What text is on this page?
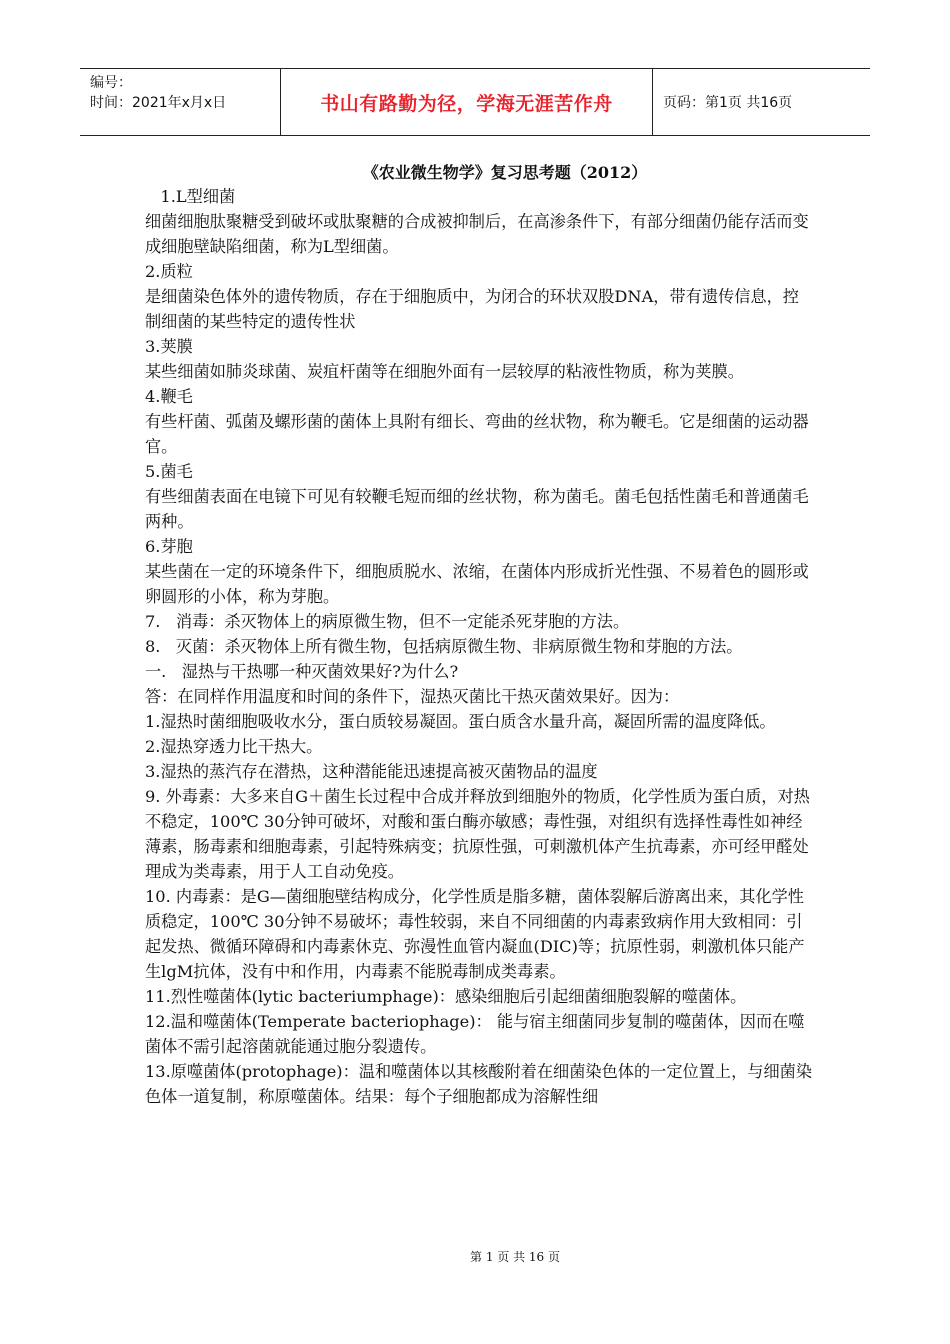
编号：
时间：2021年x月x日	书山有路勤为径，学海无涯苦作舟	页码：第1页 共16页
《农业微生物学》复习思考题（2012）

1.L型细菌

细菌细胞肽聚糖受到破坏或肽聚糖的合成被抑制后，在高渗条件下，有部分细菌仍能存活而变成细胞壁缺陷细菌，称为L型细菌。

2.质粒

是细菌染色体外的遗传物质，存在于细胞质中，为闭合的环状双股DNA，带有遗传信息，控制细菌的某些特定的遗传性状

3.荚膜

某些细菌如肺炎球菌、炭疽杆菌等在细胞外面有一层较厚的粘液性物质，称为荚膜。

4.鞭毛

有些杆菌、弧菌及螺形菌的菌体上具附有细长、弯曲的丝状物，称为鞭毛。它是细菌的运动器官。

5.菌毛

有些细菌表面在电镜下可见有较鞭毛短而细的丝状物，称为菌毛。菌毛包括性菌毛和普通菌毛两种。

6.芽胞

某些菌在一定的环境条件下，细胞质脱水、浓缩，在菌体内形成折光性强、不易着色的圆形或卵圆形的小体，称为芽胞。

7.   消毒：杀灭物体上的病原微生物，但不一定能杀死芽胞的方法。

8.   灭菌：杀灭物体上所有微生物，包括病原微生物、非病原微生物和芽胞的方法。

一.   湿热与干热哪一种灭菌效果好?为什么?

答：在同样作用温度和时间的条件下，湿热灭菌比干热灭菌效果好。因为：

1.湿热时菌细胞吸收水分，蛋白质较易凝固。蛋白质含水量升高，凝固所需的温度降低。

2.湿热穿透力比干热大。

3.湿热的蒸汽存在潜热，这种潜能能迅速提高被灭菌物品的温度

9. 外毒素：大多来自G＋菌生长过程中合成并释放到细胞外的物质，化学性质为蛋白质，对热不稳定，100℃ 30分钟可破坏，对酸和蛋白酶亦敏感；毒性强，对组织有选择性毒性如神经薄素，肠毒素和细胞毒素，引起特殊病变；抗原性强，可刺激机体产生抗毒素，亦可经甲醛处理成为类毒素，用于人工自动免疫。

10. 内毒素：是G—菌细胞壁结构成分，化学性质是脂多糖，菌体裂解后游离出来，其化学性质稳定，100℃ 30分钟不易破坏；毒性较弱，来自不同细菌的内毒素致病作用大致相同：引起发热、微循环障碍和内毒素休克、弥漫性血管内凝血(DIC)等；抗原性弱，刺激机体只能产生lgM抗体，没有中和作用，内毒素不能脱毒制成类毒素。

11.烈性噬菌体(lytic bacteriumphage)：感染细胞后引起细菌细胞裂解的噬菌体。

12.温和噬菌体(Temperate bacteriophage)： 能与宿主细菌同步复制的噬菌体，因而在噬菌体不需引起溶菌就能通过胞分裂遗传。

13.原噬菌体(protophage)：温和噬菌体以其核酸附着在细菌染色体的一定位置上，与细菌染色体一道复制，称原噬菌体。结果：每个子细胞都成为溶解性细

第 1 页 共 16 页
